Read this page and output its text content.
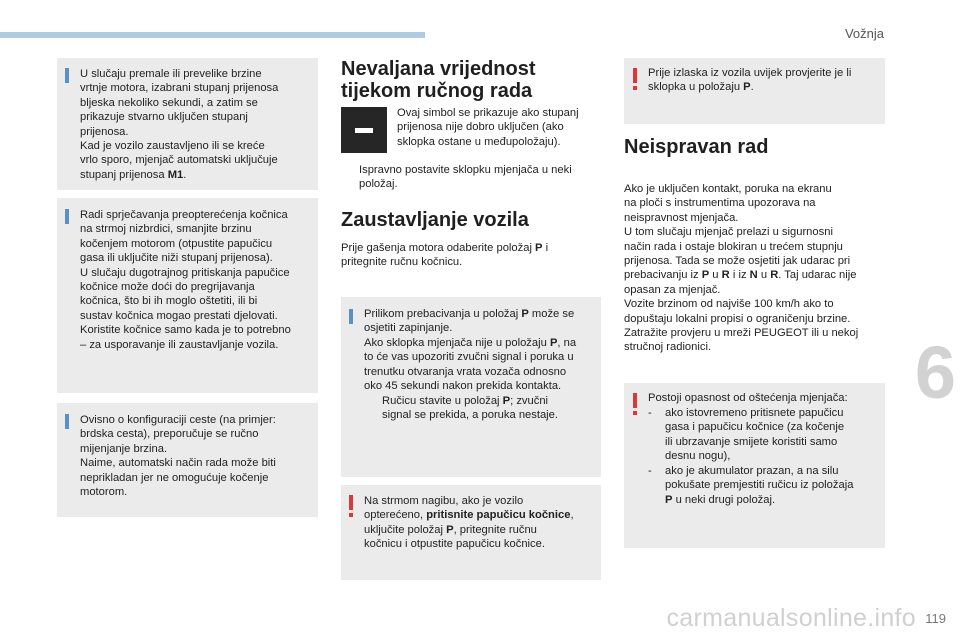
Vožnja
6
carmanualsonline.info 119
U slučaju premale ili prevelike brzine
vrtnje motora, izabrani stupanj prijenosa
bljeska nekoliko sekundi, a zatim se
prikazuje stvarno uključen stupanj
prijenosa.
Kad je vozilo zaustavljeno ili se kreće
vrlo sporo, mjenjač automatski uključuje
stupanj prijenosa M1.
Radi sprječavanja preopterećenja kočnica
na strmoj nizbrdici, smanjite brzinu
kočenjem motorom (otpustite papučicu
gasa ili uključite niži stupanj prijenosa).
U slučaju dugotrajnog pritiskanja papučice
kočnice može doći do pregrijavanja
kočnica, što bi ih moglo oštetiti, ili bi
sustav kočnica mogao prestati djelovati.
Koristite kočnice samo kada je to potrebno
– za usporavanje ili zaustavljanje vozila.
Ovisno o konfiguraciji ceste (na primjer:
brdska cesta), preporučuje se ručno
mijenjanje brzina.
Naime, automatski način rada može biti
neprikladan jer ne omogućuje kočenje
motorom.
Nevaljana vrijednost
tijekom ručnog rada
Ovaj simbol se prikazuje ako stupanj
prijenosa nije dobro uključen (ako
sklopka ostane u međupoložaju).
Ispravno postavite sklopku mjenjača u neki
položaj.
Zaustavljanje vozila
Prije gašenja motora odaberite položaj P i
pritegnite ručnu kočnicu.
Prilikom prebacivanja u položaj P može se
osjetiti zapinjanje.
Ako sklopka mjenjača nije u položaju P, na
to će vas upozoriti zvučni signal i poruka u
trenutku otvaranja vrata vozača odnosno
oko 45 sekundi nakon prekida kontakta.
Ručicu stavite u položaj P; zvučni
signal se prekida, a poruka nestaje.
Na strmom nagibu, ako je vozilo
opterećeno, pritisnite papučicu kočnice,
uključite položaj P, pritegnite ručnu
kočnicu i otpustite papučicu kočnice.
Prije izlaska iz vozila uvijek provjerite je li
sklopka u položaju P.
Neispravan rad
Ako je uključen kontakt, poruka na ekranu
na ploči s instrumentima upozorava na
neispravnost mjenjača.
U tom slučaju mjenjač prelazi u sigurnosni
način rada i ostaje blokiran u trećem stupnju
prijenosa. Tada se može osjetiti jak udarac pri
prebacivanju iz P u R i iz N u R. Taj udarac nije
opasan za mjenjač.
Vozite brzinom od najviše 100 km/h ako to
dopuštaju lokalni propisi o ograničenju brzine.
Zatražite provjeru u mreži PEUGEOT ili u nekoj
stručnoj radionici.
Postoji opasnost od oštećenja mjenjača:
- ako istovremeno pritisnete papučicu
gasa i papučicu kočnice (za kočenje
ili ubrzavanje smijete koristiti samo
desnu nogu),
- ako je akumulator prazan, a na silu
pokušate premjestiti ručicu iz položaja
P u neki drugi položaj.
